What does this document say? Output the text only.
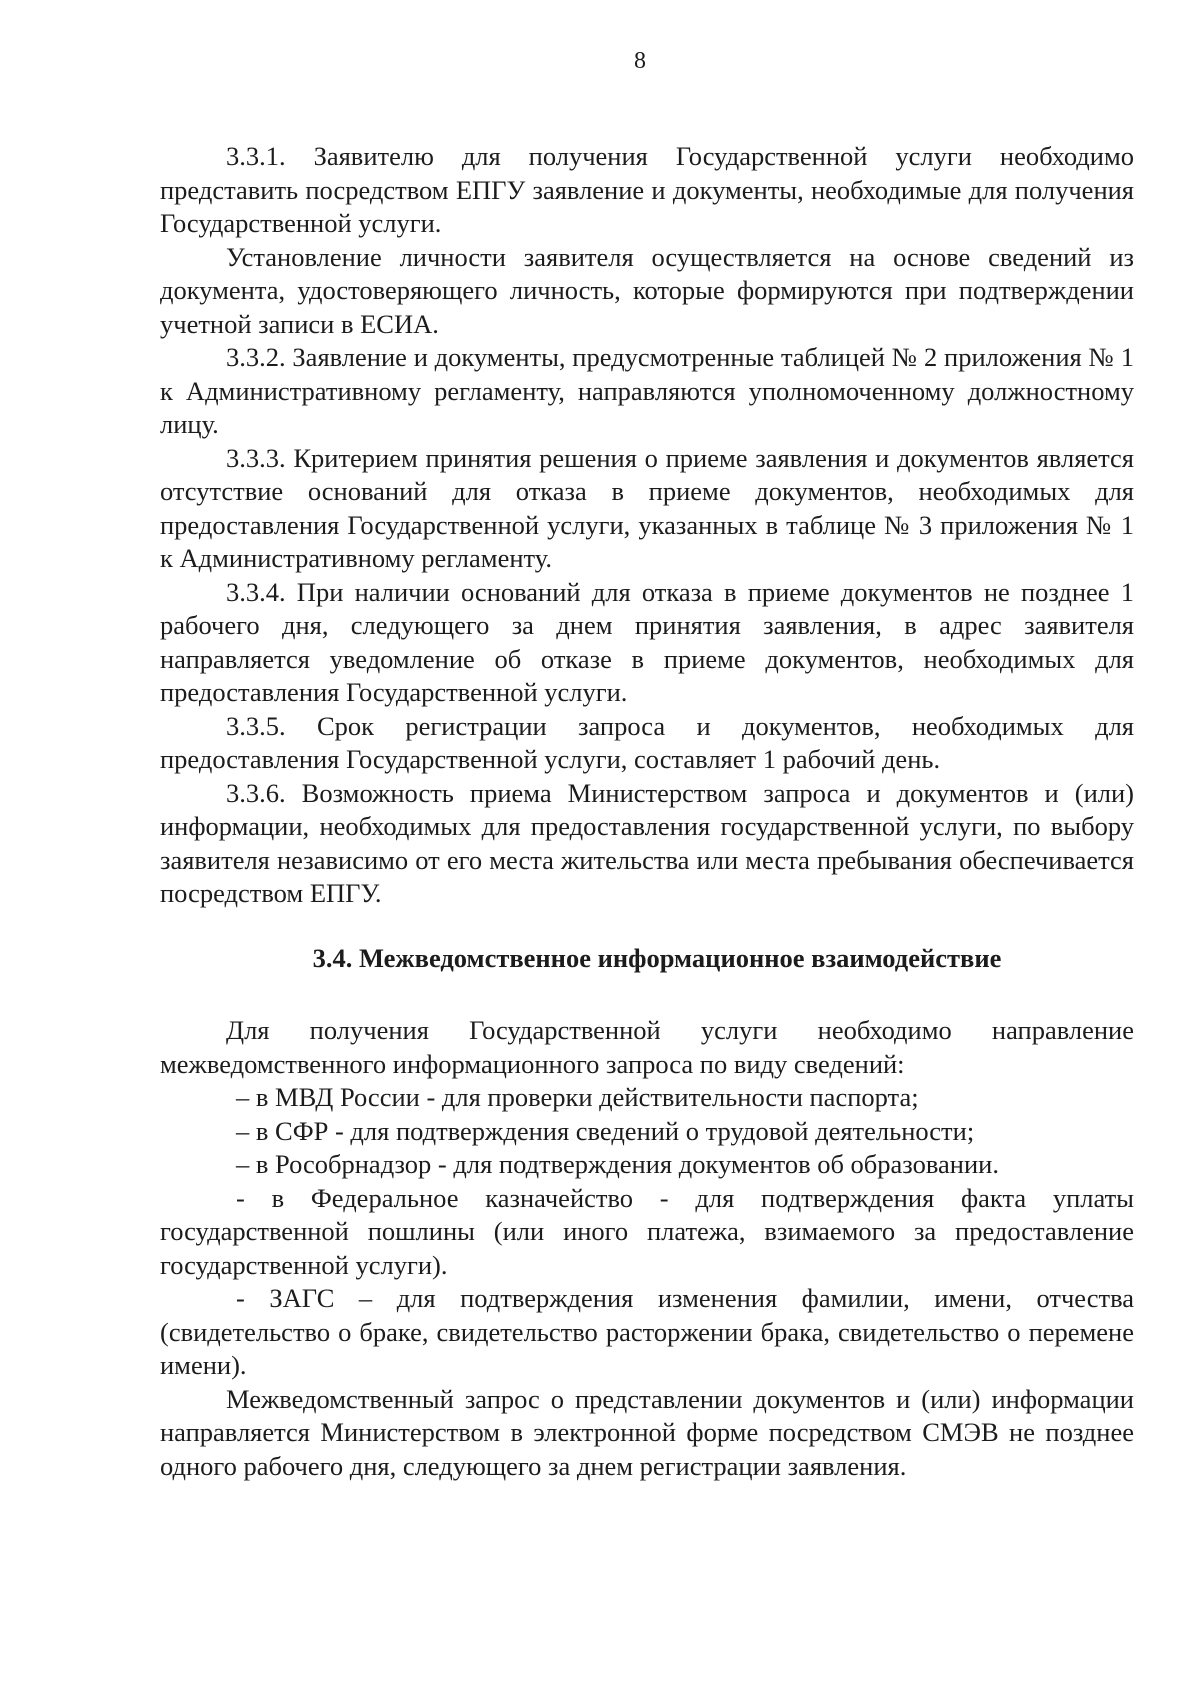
8

3.3.1. Заявителю для получения Государственной услуги необходимо представить посредством ЕПГУ заявление и документы, необходимые для получения Государственной услуги.

Установление личности заявителя осуществляется на основе сведений из документа, удостоверяющего личность, которые формируются при подтверждении учетной записи в ЕСИА.

3.3.2. Заявление и документы, предусмотренные таблицей № 2 приложения № 1 к Административному регламенту, направляются уполномоченному должностному лицу.

3.3.3. Критерием принятия решения о приеме заявления и документов является отсутствие оснований для отказа в приеме документов, необходимых для предоставления Государственной услуги, указанных в таблице № 3 приложения № 1 к Административному регламенту.

3.3.4. При наличии оснований для отказа в приеме документов не позднее 1 рабочего дня, следующего за днем принятия заявления, в адрес заявителя направляется уведомление об отказе в приеме документов, необходимых для предоставления Государственной услуги.

3.3.5. Срок регистрации запроса и документов, необходимых для предоставления Государственной услуги, составляет 1 рабочий день.

3.3.6. Возможность приема Министерством запроса и документов и (или) информации, необходимых для предоставления государственной услуги, по выбору заявителя независимо от его места жительства или места пребывания обеспечивается посредством ЕПГУ.

3.4. Межведомственное информационное взаимодействие

Для получения Государственной услуги необходимо направление межведомственного информационного запроса по виду сведений:

– в МВД России - для проверки действительности паспорта;

– в СФР - для подтверждения сведений о трудовой деятельности;

– в Рособрнадзор - для подтверждения документов об образовании.

- в Федеральное казначейство - для подтверждения факта уплаты государственной пошлины (или иного платежа, взимаемого за предоставление государственной услуги).

- ЗАГС – для подтверждения изменения фамилии, имени, отчества (свидетельство о браке, свидетельство расторжении брака, свидетельство о перемене имени).

Межведомственный запрос о представлении документов и (или) информации направляется Министерством в электронной форме посредством СМЭВ не позднее одного рабочего дня, следующего за днем регистрации заявления.
